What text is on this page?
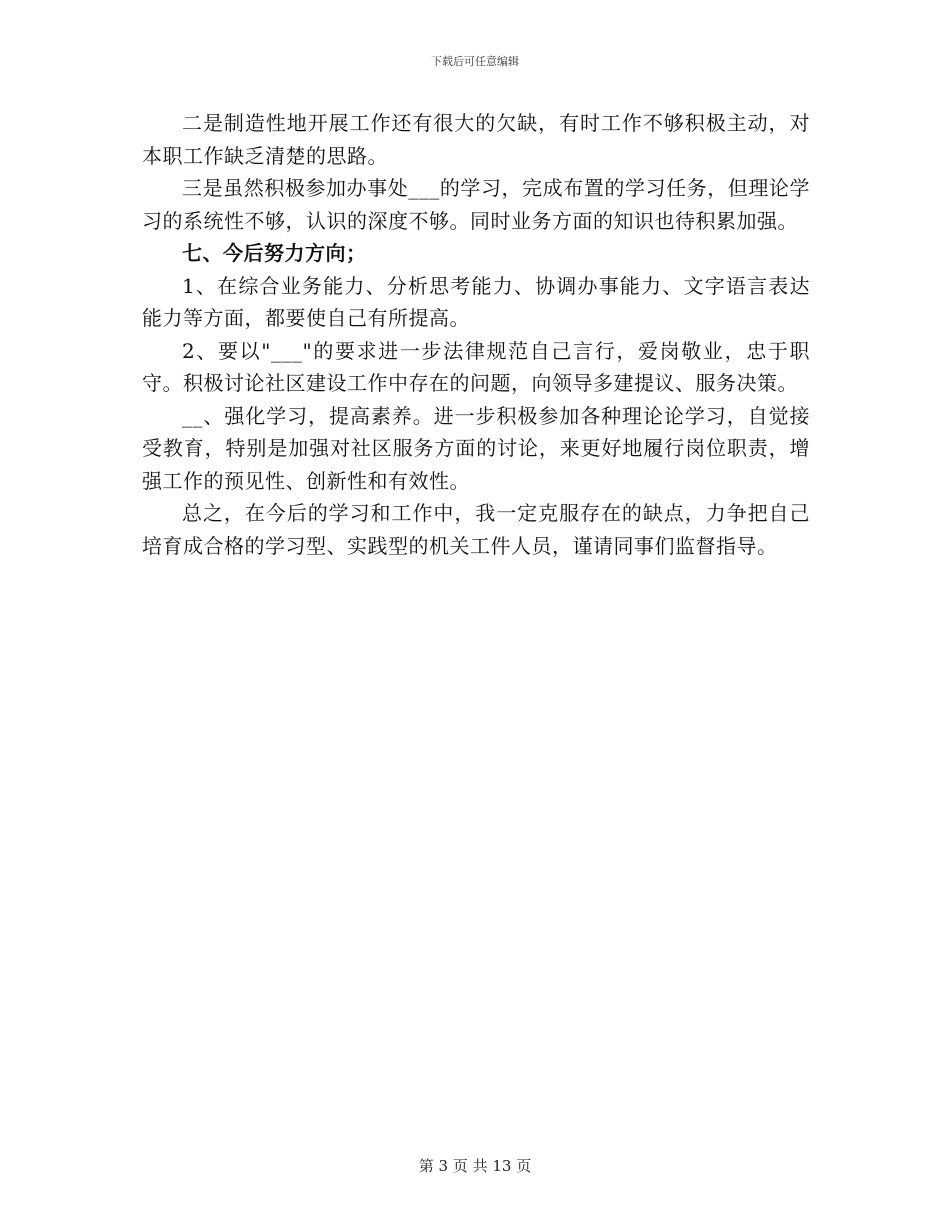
下载后可任意编辑

二是制造性地开展工作还有很大的欠缺，有时工作不够积极主动，对本职工作缺乏清楚的思路。

三是虽然积极参加办事处___的学习，完成布置的学习任务，但理论学习的系统性不够，认识的深度不够。同时业务方面的知识也待积累加强。

七、今后努力方向；

1、在综合业务能力、分析思考能力、协调办事能力、文字语言表达能力等方面，都要使自己有所提高。

2、要以"___"的要求进一步法律规范自己言行，爱岗敬业，忠于职守。积极讨论社区建设工作中存在的问题，向领导多建提议、服务决策。

__、强化学习，提高素养。进一步积极参加各种理论论学习，自觉接受教育，特别是加强对社区服务方面的讨论，来更好地履行岗位职责，增强工作的预见性、创新性和有效性。

总之，在今后的学习和工作中，我一定克服存在的缺点，力争把自己培育成合格的学习型、实践型的机关工件人员，谨请同事们监督指导。

第 3 页 共 13 页
